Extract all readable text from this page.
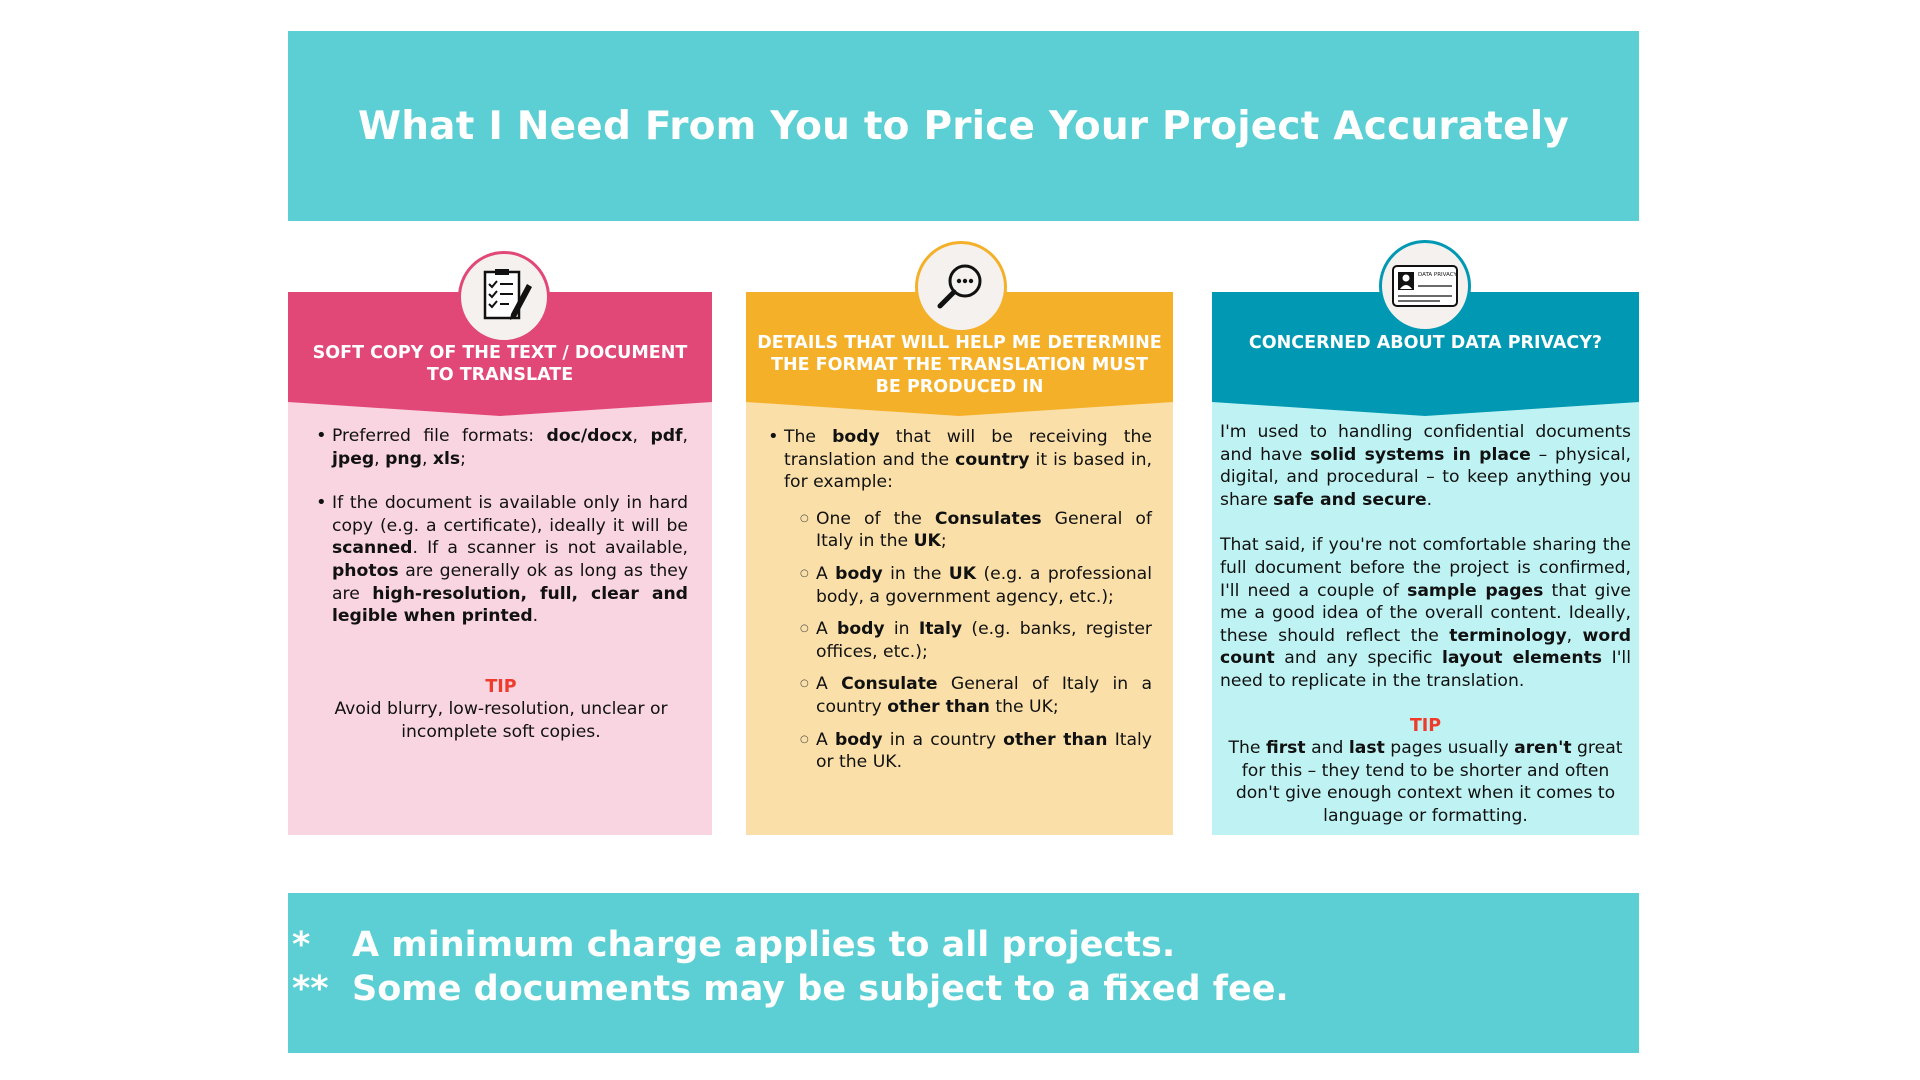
What I Need From You to Price Your Project Accurately
SOFT COPY OF THE TEXT / DOCUMENT TO TRANSLATE
• Preferred file formats: doc/docx, pdf, jpeg, png, xls;
• If the document is available only in hard copy (e.g. a certificate), ideally it will be scanned. If a scanner is not available, photos are generally ok as long as they are high-resolution, full, clear and legible when printed.
TIP
Avoid blurry, low-resolution, unclear or incomplete soft copies.
DETAILS THAT WILL HELP ME DETERMINE THE FORMAT THE TRANSLATION MUST BE PRODUCED IN
• The body that will be receiving the translation and the country it is based in, for example:
○ One of the Consulates General of Italy in the UK;
○ A body in the UK (e.g. a professional body, a government agency, etc.);
○ A body in Italy (e.g. banks, register offices, etc.);
○ A Consulate General of Italy in a country other than the UK;
○ A body in a country other than Italy or the UK.
CONCERNED ABOUT DATA PRIVACY?

I'm used to handling confidential documents and have solid systems in place – physical, digital, and procedural – to keep anything you share safe and secure.

That said, if you're not comfortable sharing the full document before the project is confirmed, I'll need a couple of sample pages that give me a good idea of the overall content. Ideally, these should reflect the terminology, word count and any specific layout elements I'll need to replicate in the translation.

TIP
The first and last pages usually aren't great for this – they tend to be shorter and often don't give enough context when it comes to language or formatting.
DATA PRIVACY
*	A minimum charge applies to all projects.
** Some documents may be subject to a fixed fee.
